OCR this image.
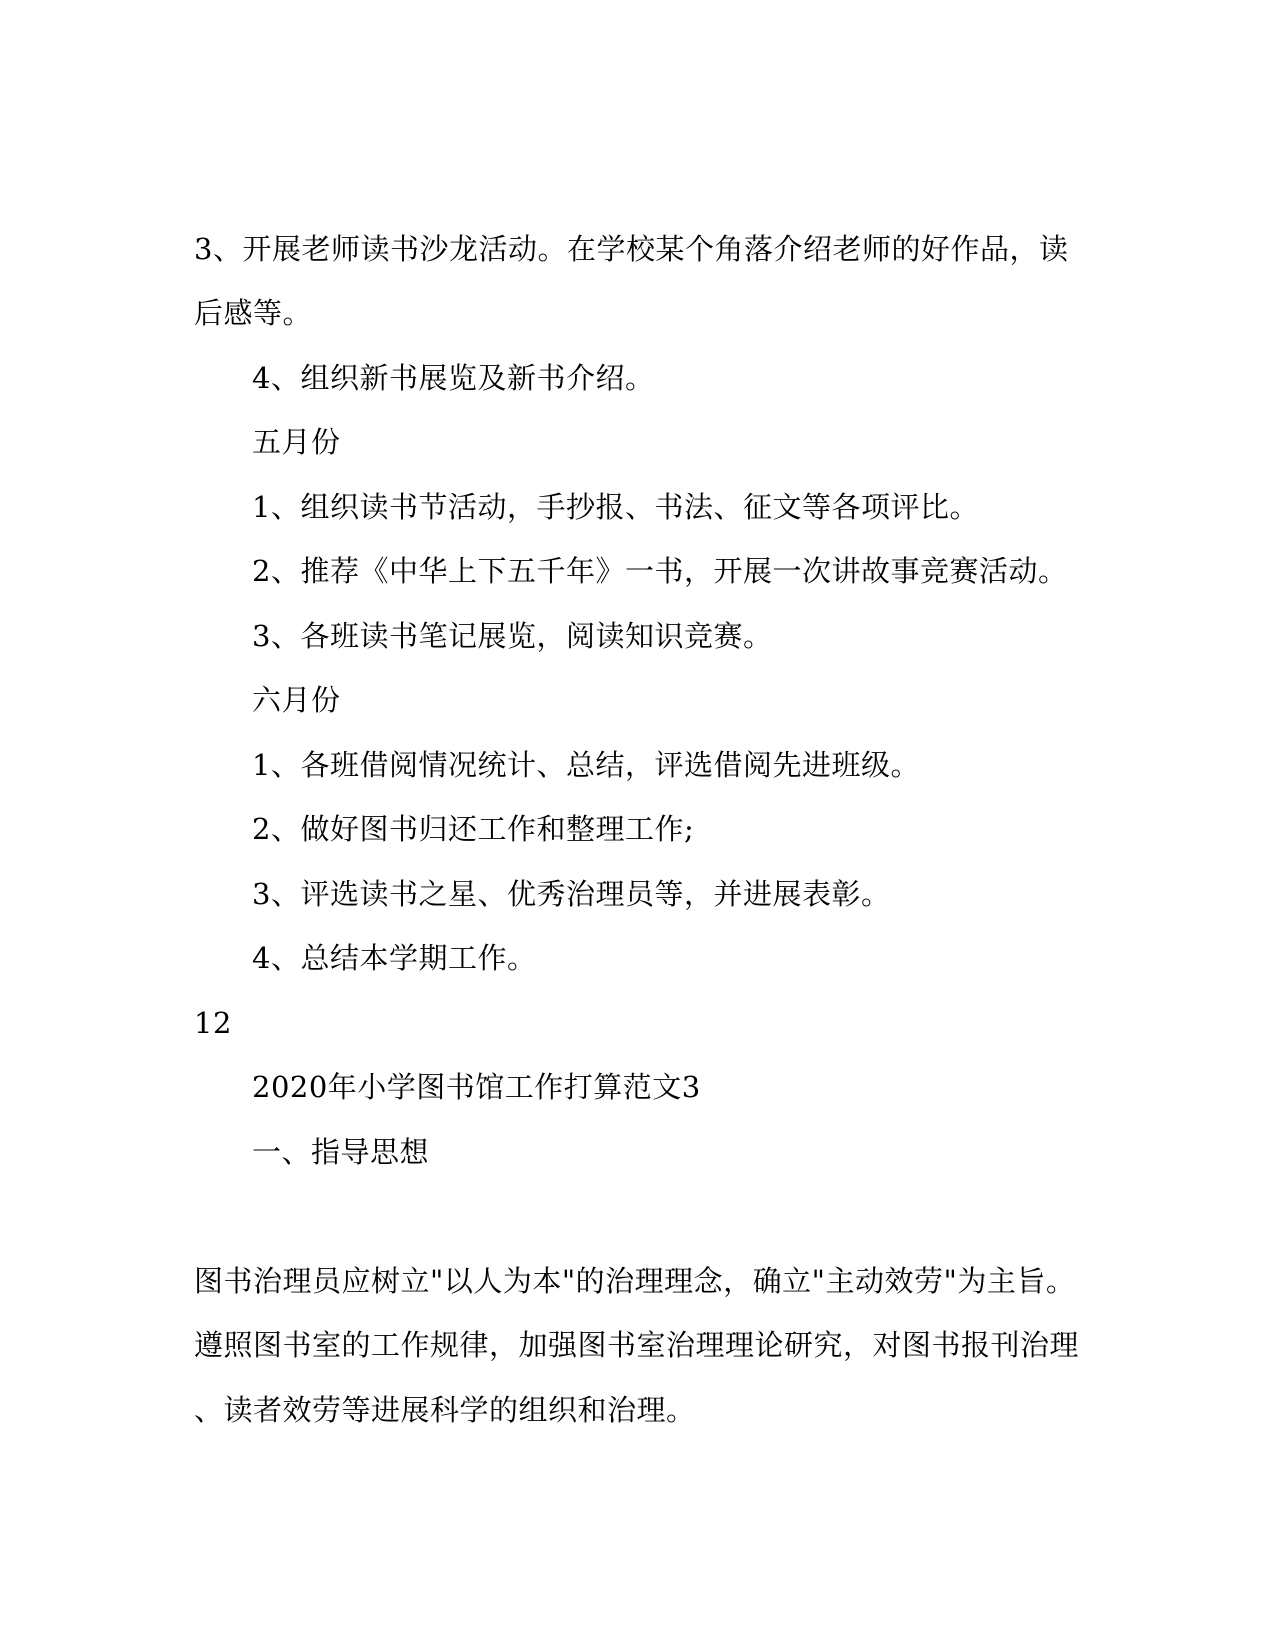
3、开展老师读书沙龙活动。在学校某个角落介绍老师的好作品，读
后感等。
4、组织新书展览及新书介绍。
五月份
1、组织读书节活动，手抄报、书法、征文等各项评比。
2、推荐《中华上下五千年》一书，开展一次讲故事竞赛活动。
3、各班读书笔记展览，阅读知识竞赛。
六月份
1、各班借阅情况统计、总结，评选借阅先进班级。
2、做好图书归还工作和整理工作;
3、评选读书之星、优秀治理员等，并进展表彰。
4、总结本学期工作。
12
2020年小学图书馆工作打算范文3
一、指导思想
图书治理员应树立"以人为本"的治理理念，确立"主动效劳"为主旨。
遵照图书室的工作规律，加强图书室治理理论研究，对图书报刊治理
、读者效劳等进展科学的组织和治理。
